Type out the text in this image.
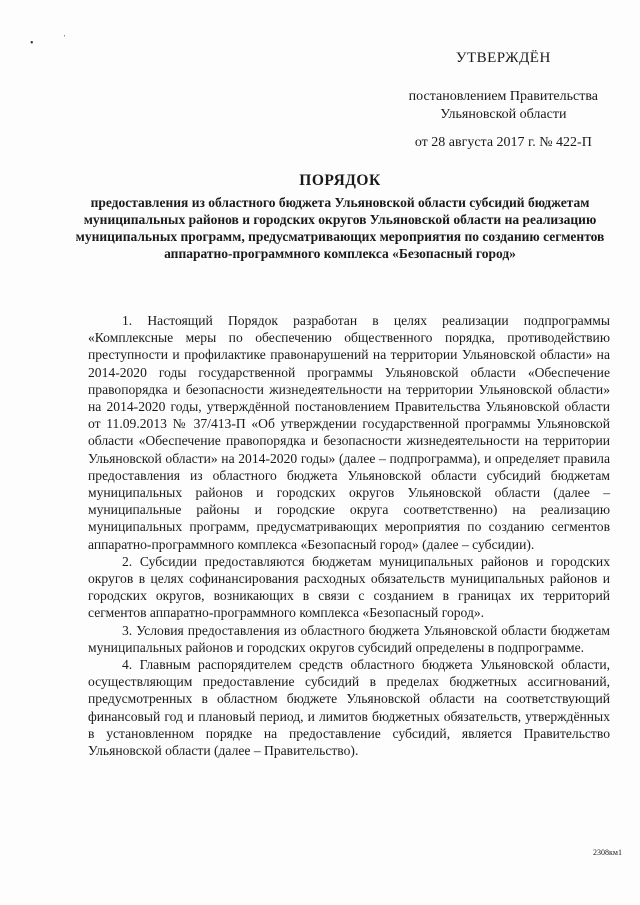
•	'
УТВЕРЖДЁН
постановлением Правительства
Ульяновской области
от 28 августа 2017 г. № 422-П
ПОРЯДОК
предоставления из областного бюджета Ульяновской области субсидий бюджетам муниципальных районов и городских округов Ульяновской области на реализацию муниципальных программ, предусматривающих мероприятия по созданию сегментов аппаратно-программного комплекса «Безопасный город»

1. Настоящий Порядок разработан в целях реализации подпрограммы «Комплексные меры по обеспечению общественного порядка, противодействию преступности и профилактике правонарушений на территории Ульяновской области» на 2014-2020 годы государственной программы Ульяновской области «Обеспечение правопорядка и безопасности жизнедеятельности на территории Ульяновской области» на 2014-2020 годы, утверждённой постановлением Правительства Ульяновской области от 11.09.2013 № 37/413-П «Об утверждении государственной программы Ульяновской области «Обеспечение правопорядка и безопасности жизнедеятельности на территории Ульяновской области» на 2014-2020 годы» (далее – подпрограмма), и определяет правила предоставления из областного бюджета Ульяновской области субсидий бюджетам муниципальных районов и городских округов Ульяновской области (далее – муниципальные районы и городские округа соответственно) на реализацию муниципальных программ, предусматривающих мероприятия по созданию сегментов аппаратно-программного комплекса «Безопасный город» (далее – субсидии).

2. Субсидии предоставляются бюджетам муниципальных районов и городских округов в целях софинансирования расходных обязательств муниципальных районов и городских округов, возникающих в связи с созданием в границах их территорий сегментов аппаратно-программного комплекса «Безопасный город».

3. Условия предоставления из областного бюджета Ульяновской области бюджетам муниципальных районов и городских округов субсидий определены в подпрограмме.

4. Главным распорядителем средств областного бюджета Ульяновской области, осуществляющим предоставление субсидий в пределах бюджетных ассигнований, предусмотренных в областном бюджете Ульяновской области на соответствующий финансовый год и плановый период, и лимитов бюджетных обязательств, утверждённых в установленном порядке на предоставление субсидий, является Правительство Ульяновской области (далее – Правительство).

2308км1
